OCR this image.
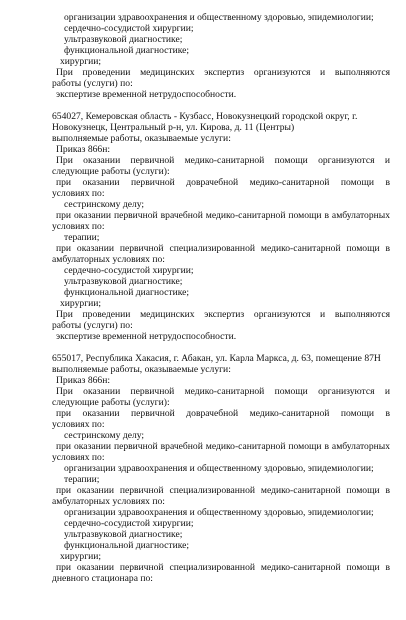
организации здравоохранения и общественному здоровью, эпидемиологии;
сердечно-сосудистой хирургии;
ультразвуковой диагностике;
функциональной диагностике;
хирургии;
При проведении медицинских экспертиз организуются и выполняются
работы (услуги) по:
экспертизе временной нетрудоспособности.
654027, Кемеровская область - Кузбасс, Новокузнецкий городской округ, г.
Новокузнецк, Центральный р-н, ул. Кирова, д. 11 (Центры)
выполняемые работы, оказываемые услуги:
Приказ 866н:
При оказании первичной медико-санитарной помощи организуются и
следующие работы (услуги):
при оказании первичной доврачебной медико-санитарной помощи в
условиях по:
сестринскому делу;
при оказании первичной врачебной медико-санитарной помощи в амбулаторных
условиях по:
терапии;
при оказании первичной специализированной медико-санитарной помощи в
амбулаторных условиях по:
сердечно-сосудистой хирургии;
ультразвуковой диагностике;
функциональной диагностике;
хирургии;
При проведении медицинских экспертиз организуются и выполняются
работы (услуги) по:
экспертизе временной нетрудоспособности.
655017, Республика Хакасия, г. Абакан, ул. Карла Маркса, д. 63, помещение 87Н
выполняемые работы, оказываемые услуги:
Приказ 866н:
При оказании первичной медико-санитарной помощи организуются и
следующие работы (услуги):
при оказании первичной доврачебной медико-санитарной помощи в
условиях по:
сестринскому делу;
при оказании первичной врачебной медико-санитарной помощи в амбулаторных
условиях по:
организации здравоохранения и общественному здоровью, эпидемиологии;
терапии;
при оказании первичной специализированной медико-санитарной помощи в
амбулаторных условиях по:
организации здравоохранения и общественному здоровью, эпидемиологии;
сердечно-сосудистой хирургии;
ультразвуковой диагностике;
функциональной диагностике;
хирургии;
при оказании первичной специализированной медико-санитарной помощи в
дневного стационара по:
